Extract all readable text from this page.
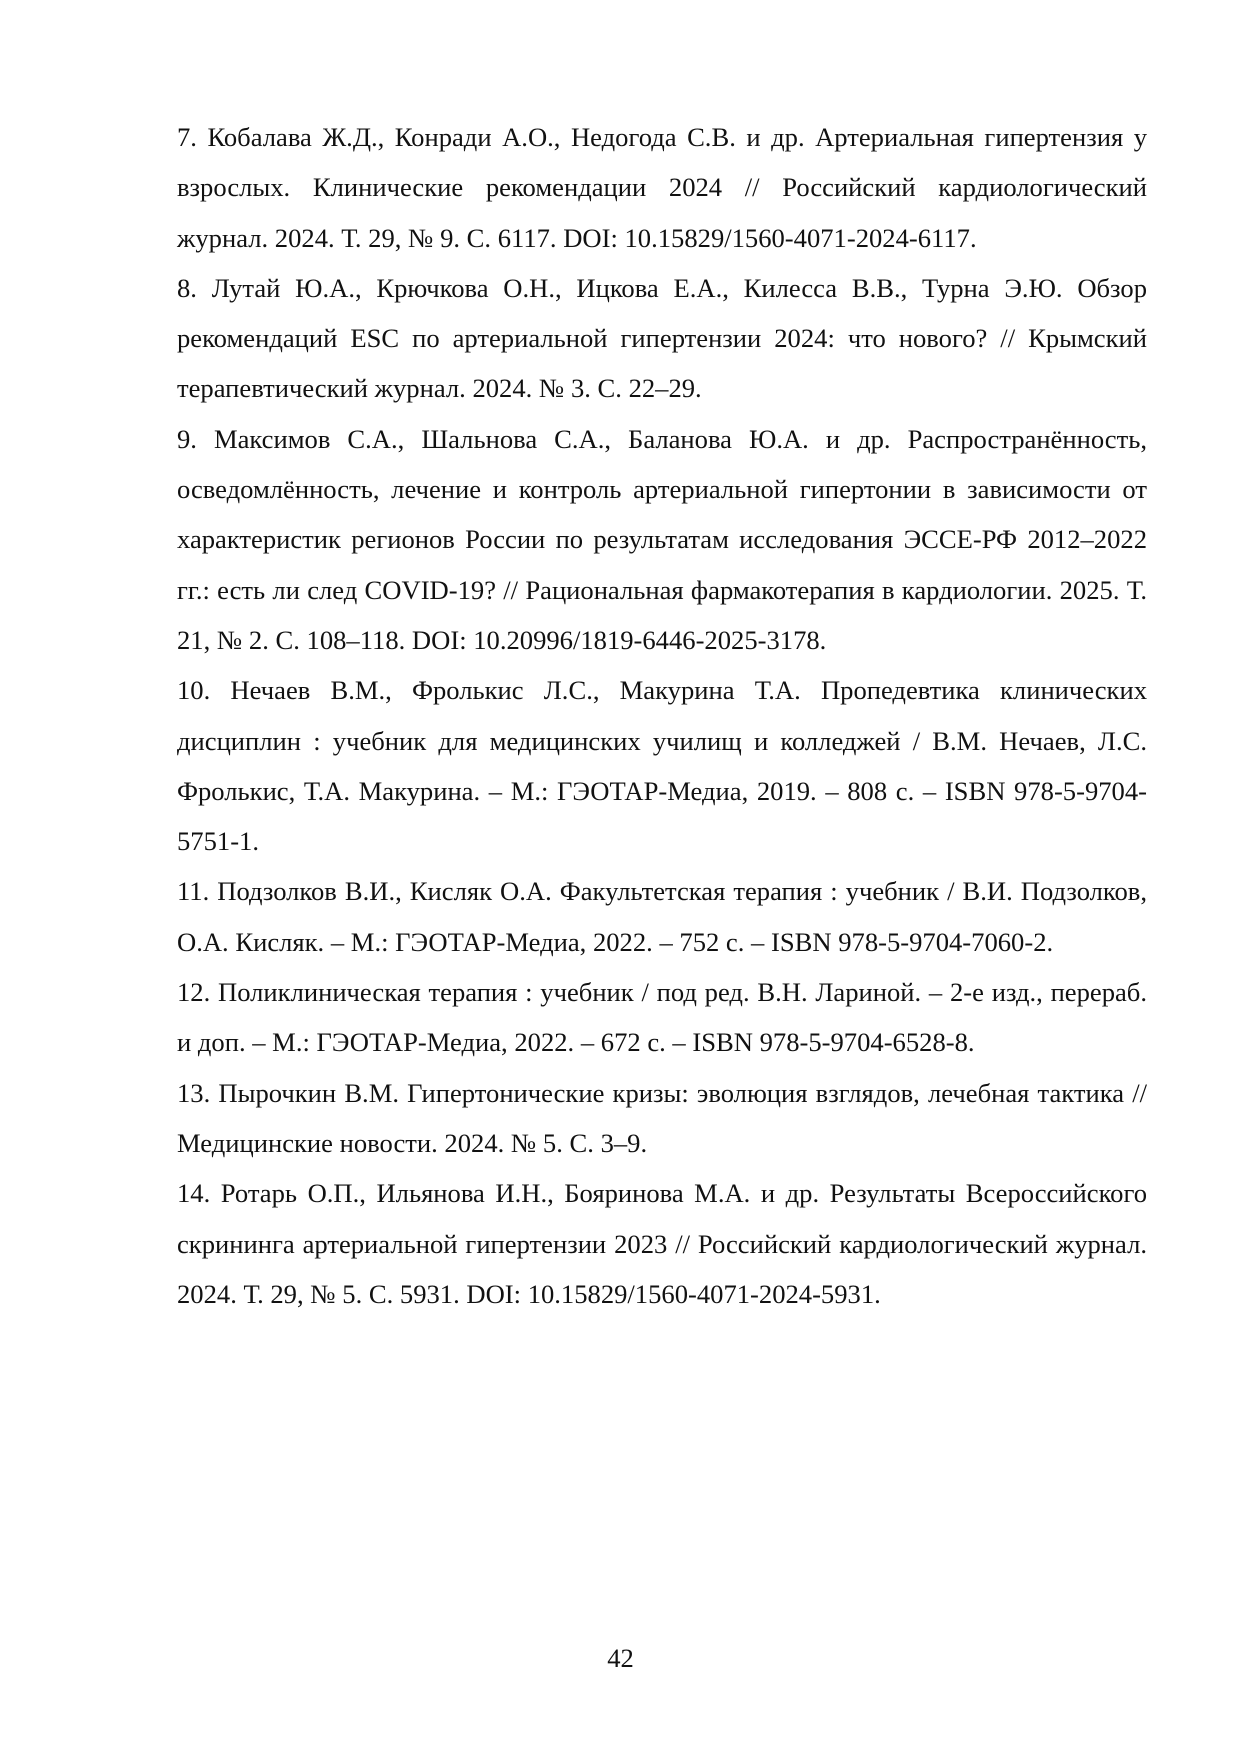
7. Кобалава Ж.Д., Конради А.О., Недогода С.В. и др. Артериальная гипертензия у взрослых. Клинические рекомендации 2024 // Российский кардиологический журнал. 2024. Т. 29, № 9. С. 6117. DOI: 10.15829/1560-4071-2024-6117.
8. Лутай Ю.А., Крючкова О.Н., Ицкова Е.А., Килесса В.В., Турна Э.Ю. Обзор рекомендаций ESC по артериальной гипертензии 2024: что нового? // Крымский терапевтический журнал. 2024. № 3. С. 22–29.
9. Максимов С.А., Шальнова С.А., Баланова Ю.А. и др. Распространённость, осведомлённость, лечение и контроль артериальной гипертонии в зависимости от характеристик регионов России по результатам исследования ЭССЕ-РФ 2012–2022 гг.: есть ли след COVID-19? // Рациональная фармакотерапия в кардиологии. 2025. Т. 21, № 2. С. 108–118. DOI: 10.20996/1819-6446-2025-3178.
10. Нечаев В.М., Фролькис Л.С., Макурина Т.А. Пропедевтика клинических дисциплин : учебник для медицинских училищ и колледжей / В.М. Нечаев, Л.С. Фролькис, Т.А. Макурина. – М.: ГЭОТАР-Медиа, 2019. – 808 с. – ISBN 978-5-9704-5751-1.
11. Подзолков В.И., Кисляк О.А. Факультетская терапия : учебник / В.И. Подзолков, О.А. Кисляк. – М.: ГЭОТАР-Медиа, 2022. – 752 с. – ISBN 978-5-9704-7060-2.
12. Поликлиническая терапия : учебник / под ред. В.Н. Лариной. – 2-е изд., перераб. и доп. – М.: ГЭОТАР-Медиа, 2022. – 672 с. – ISBN 978-5-9704-6528-8.
13. Пырочкин В.М. Гипертонические кризы: эволюция взглядов, лечебная тактика // Медицинские новости. 2024. № 5. С. 3–9.
14. Ротарь О.П., Ильянова И.Н., Бояринова М.А. и др. Результаты Всероссийского скрининга артериальной гипертензии 2023 // Российский кардиологический журнал. 2024. Т. 29, № 5. С. 5931. DOI: 10.15829/1560-4071-2024-5931.
42
